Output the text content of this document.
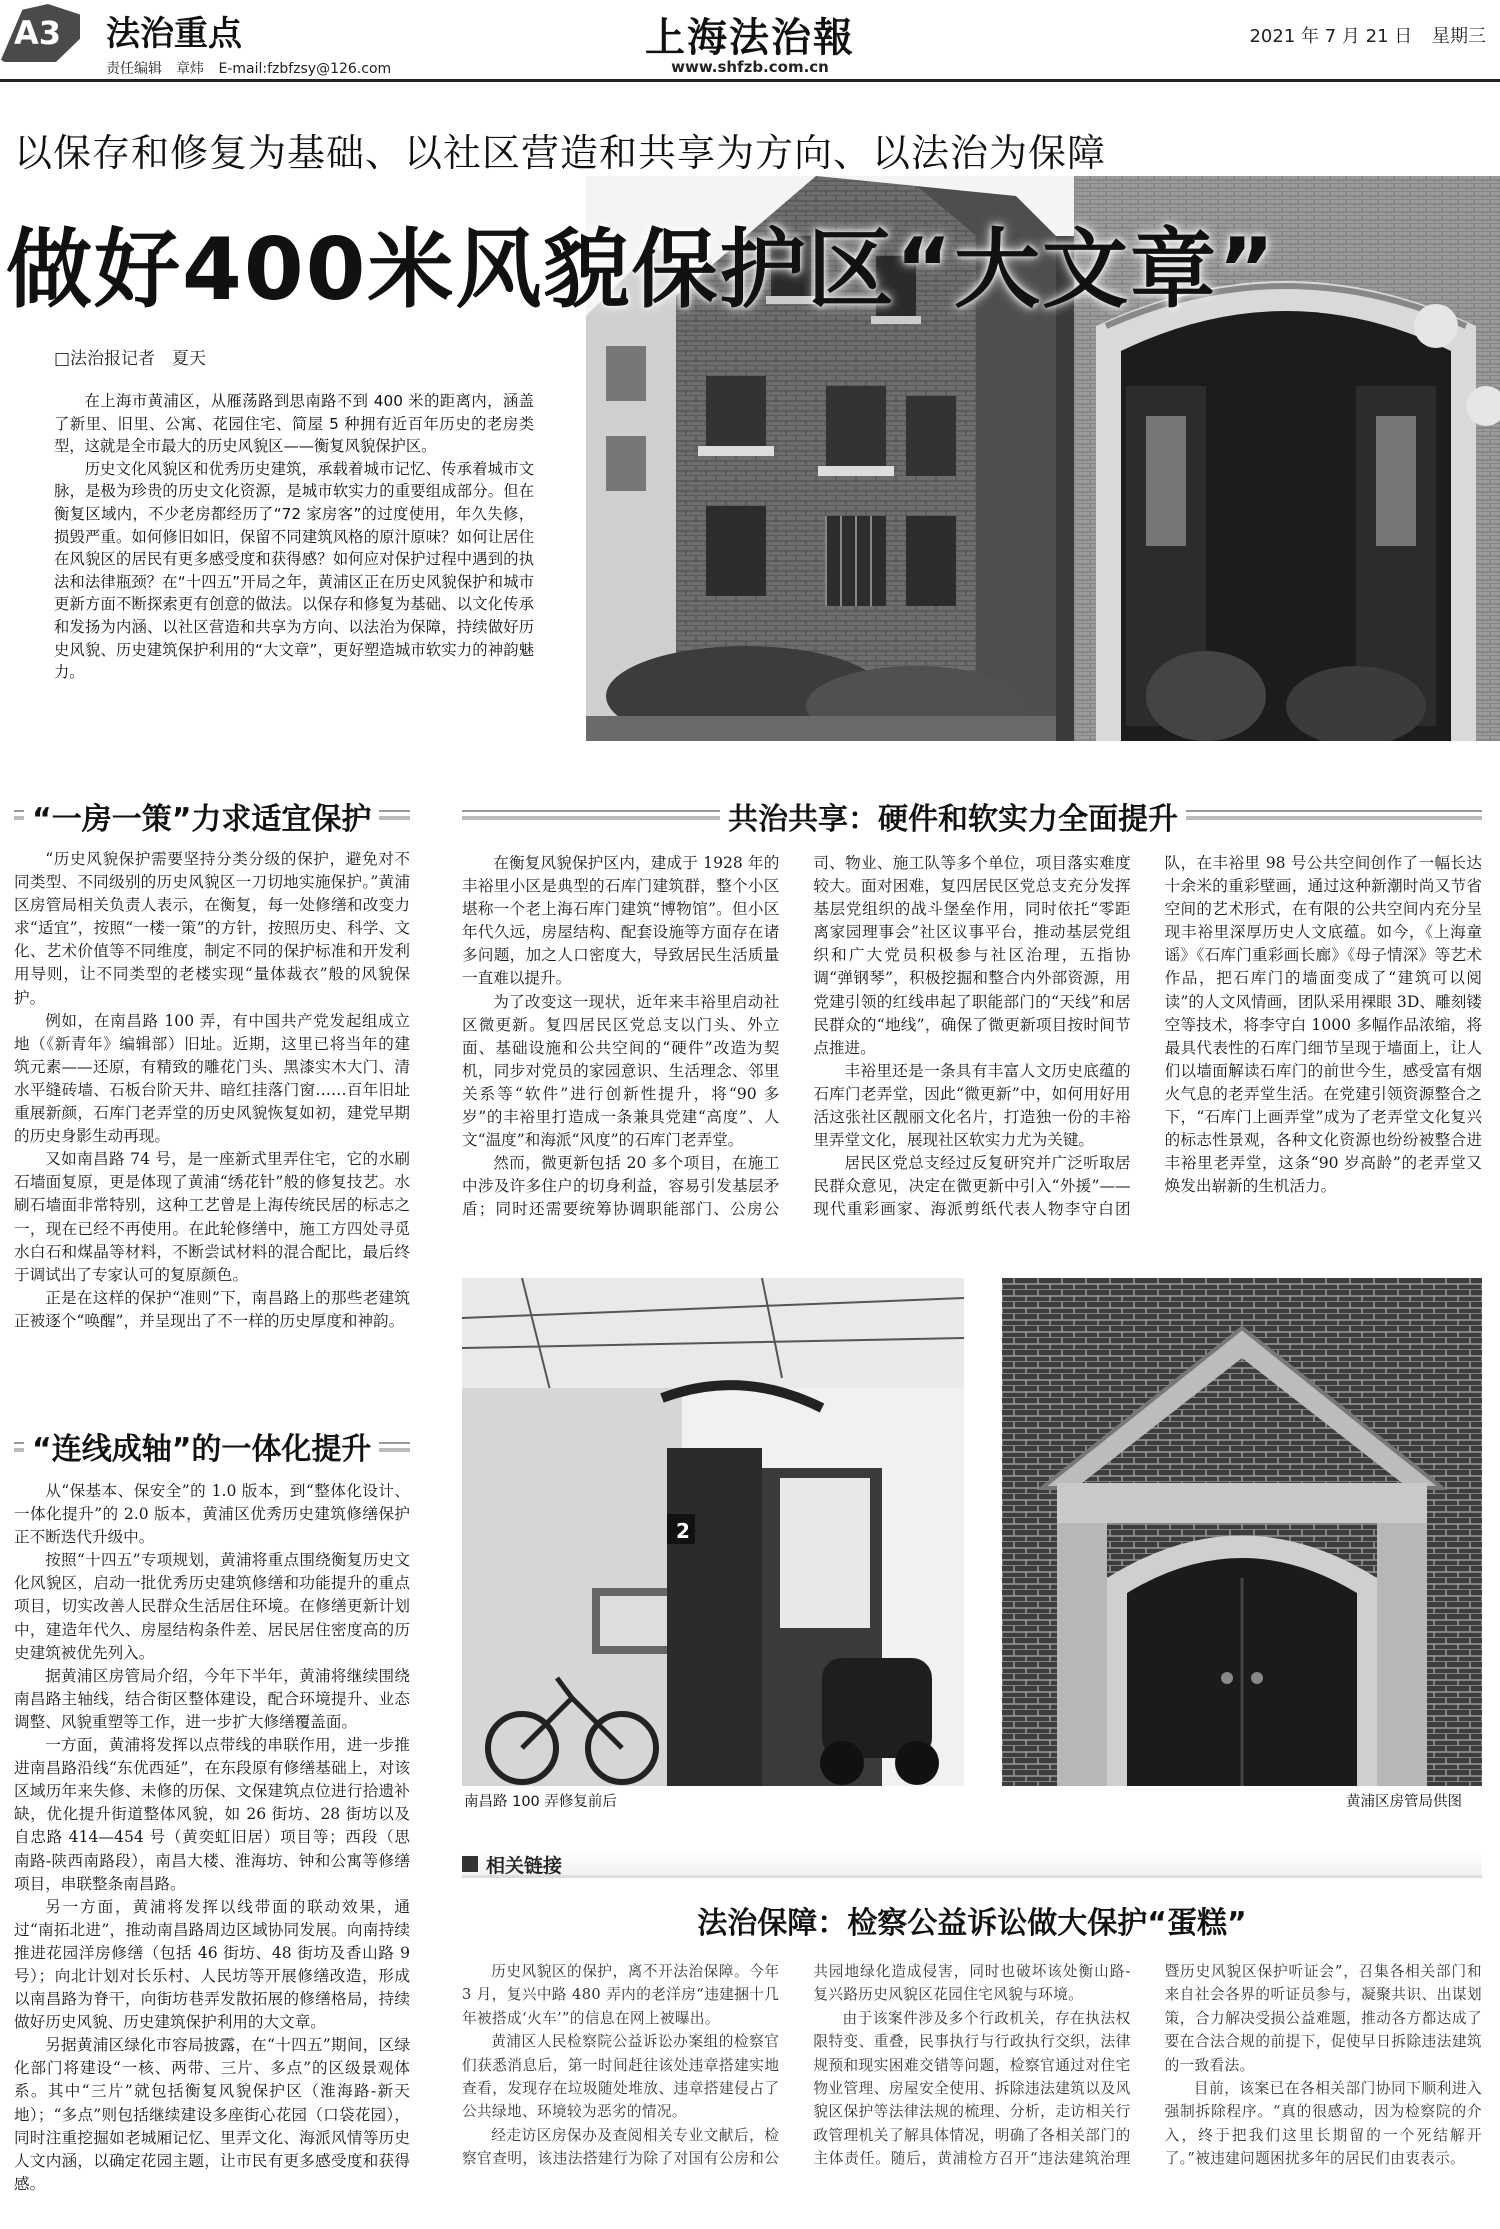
A3 法治重点
责任编辑　章炜 E-mail:fzbfzsy@126.com
上海法治報
www.shfzb.com.cn
2021 年 7 月 21 日 星期三
以保存和修复为基础、以社区营造和共享为方向、以法治为保障
做好400米风貌保护区“大文章”
□法治报记者　夏天

在上海市黄浦区，从雁荡路到思南路不到 400 米的距离内，涵盖了新里、旧里、公寓、花园住宅、简屋 5 种拥有近百年历史的老房类型，这就是全市最大的历史风貌区——衡复风貌保护区。

历史文化风貌区和优秀历史建筑，承载着城市记忆、传承着城市文脉，是极为珍贵的历史文化资源，是城市软实力的重要组成部分。但在衡复区域内，不少老房都经历了“72 家房客”的过度使用，年久失修，损毁严重。如何修旧如旧，保留不同建筑风格的原汁原味？如何让居住在风貌区的居民有更多感受度和获得感？如何应对保护过程中遇到的执法和法律瓶颈？在“十四五”开局之年，黄浦区正在历史风貌保护和城市更新方面不断探索更有创意的做法。以保存和修复为基础、以文化传承和发扬为内涵、以社区营造和共享为方向、以法治为保障，持续做好历史风貌、历史建筑保护利用的“大文章”，更好塑造城市软实力的神韵魅力。

“一房一策”力求适宜保护

“历史风貌保护需要坚持分类分级的保护，避免对不同类型、不同级别的历史风貌区一刀切地实施保护。”黄浦区房管局相关负责人表示，在衡复，每一处修缮和改变力求“适宜”，按照“一楼一策”的方针，按照历史、科学、文化、艺术价值等不同维度，制定不同的保护标准和开发利用导则，让不同类型的老楼实现“量体裁衣”般的风貌保护。

例如，在南昌路 100 弄，有中国共产党发起组成立地（《新青年》编辑部）旧址。近期，这里已将当年的建筑元素——还原，有精致的雕花门头、黑漆实木大门、清水平缝砖墙、石板台阶天井、暗红挂落门窗……百年旧址重展新颜，石库门老弄堂的历史风貌恢复如初，建党早期的历史身影生动再现。

又如南昌路 74 号，是一座新式里弄住宅，它的水刷石墙面复原，更是体现了黄浦“绣花针”般的修复技艺。水刷石墙面非常特别，这种工艺曾是上海传统民居的标志之一，现在已经不再使用。在此轮修缮中，施工方四处寻觅水白石和煤晶等材料，不断尝试材料的混合配比，最后终于调试出了专家认可的复原颜色。

正是在这样的保护“准则”下，南昌路上的那些老建筑正被逐个“唤醒”，并呈现出了不一样的历史厚度和神韵。

“连线成轴”的一体化提升

从“保基本、保安全”的 1.0 版本，到“整体化设计、一体化提升”的 2.0 版本，黄浦区优秀历史建筑修缮保护正不断迭代升级中。

按照“十四五”专项规划，黄浦将重点围绕衡复历史文化风貌区，启动一批优秀历史建筑修缮和功能提升的重点项目，切实改善人民群众生活居住环境。在修缮更新计划中，建造年代久、房屋结构条件差、居民居住密度高的历史建筑被优先列入。

据黄浦区房管局介绍，今年下半年，黄浦将继续围绕南昌路主轴线，结合街区整体建设，配合环境提升、业态调整、风貌重塑等工作，进一步扩大修缮覆盖面。

一方面，黄浦将发挥以点带线的串联作用，进一步推进南昌路沿线“东优西延”，在东段原有修缮基础上，对该区域历年来失修、未修的历保、文保建筑点位进行拾遗补缺，优化提升街道整体风貌，如 26 街坊、28 街坊以及自忠路 414—454 号（黄奕虹旧居）项目等；西段（思南路-陕西南路段），南昌大楼、淮海坊、钟和公寓等修缮项目，串联整条南昌路。

另一方面，黄浦将发挥以线带面的联动效果，通过“南拓北进”，推动南昌路周边区域协同发展。向南持续推进花园洋房修缮（包括 46 街坊、48 街坊及香山路 9 号）；向北计划对长乐村、人民坊等开展修缮改造，形成以南昌路为脊干，向街坊巷弄发散拓展的修缮格局，持续做好历史风貌、历史建筑保护利用的大文章。

另据黄浦区绿化市容局披露，在“十四五”期间，区绿化部门将建设“一核、两带、三片、多点”的区级景观体系。其中“三片”就包括衡复风貌保护区（淮海路-新天地）；“多点”则包括继续建设多座街心花园（口袋花园），同时注重挖掘如老城厢记忆、里弄文化、海派风情等历史人文内涵，以确定花园主题，让市民有更多感受度和获得感。

共治共享：硬件和软实力全面提升

在衡复风貌保护区内，建成于 1928 年的丰裕里小区是典型的石库门建筑群，整个小区堪称一个老上海石库门建筑“博物馆”。但小区年代久远，房屋结构、配套设施等方面存在诸多问题，加之人口密度大，导致居民生活质量一直难以提升。

为了改变这一现状，近年来丰裕里启动社区微更新。复四居民区党总支以门头、外立面、基础设施和公共空间的“硬件”改造为契机，同步对党员的家园意识、生活理念、邻里关系等“软件”进行创新性提升，将“90 多岁”的丰裕里打造成一条兼具党建“高度”、人文“温度”和海派“风度”的石库门老弄堂。

然而，微更新包括 20 多个项目，在施工中涉及许多住户的切身利益，容易引发基层矛盾；同时还需要统筹协调职能部门、公房公司、物业、施工队等多个单位，项目落实难度较大。面对困难，复四居民区党总支充分发挥基层党组织的战斗堡垒作用，同时依托“零距离家园理事会”社区议事平台，推动基层党组织和广大党员积极参与社区治理，五指协调“弹钢琴”，积极挖掘和整合内外部资源，用党建引领的红线串起了职能部门的“天线”和居民群众的“地线”，确保了微更新项目按时间节点推进。

丰裕里还是一条具有丰富人文历史底蕴的石库门老弄堂，因此“微更新”中，如何用好用活这张社区靓丽文化名片，打造独一份的丰裕里弄堂文化，展现社区软实力尤为关键。

居民区党总支经过反复研究并广泛听取居民群众意见，决定在微更新中引入“外援”——现代重彩画家、海派剪纸代表人物李守白团队，在丰裕里 98 号公共空间创作了一幅长达十余米的重彩壁画，通过这种新潮时尚又节省空间的艺术形式，在有限的公共空间内充分呈现丰裕里深厚历史人文底蕴。如今，《上海童谣》《石库门重彩画长廊》《母子情深》等艺术作品，把石库门的墙面变成了“建筑可以阅读”的人文风情画，团队采用裸眼 3D、雕刻镂空等技术，将李守白 1000 多幅作品浓缩，将最具代表性的石库门细节呈现于墙面上，让人们以墙面解读石库门的前世今生，感受富有烟火气息的老弄堂生活。在党建引领资源整合之下，“石库门上画弄堂”成为了老弄堂文化复兴的标志性景观，各种文化资源也纷纷被整合进丰裕里老弄堂，这条“90 岁高龄”的老弄堂又焕发出崭新的生机活力。

2
南昌路 100 弄修复前后	黄浦区房管局供图
相关链接
法治保障：检察公益诉讼做大保护“蛋糕”

历史风貌区的保护，离不开法治保障。今年 3 月，复兴中路 480 弄内的老洋房“违建捆十几年被搭成‘火车’”的信息在网上被曝出。

黄浦区人民检察院公益诉讼办案组的检察官们获悉消息后，第一时间赶往该处违章搭建实地查看，发现存在垃圾随处堆放、违章搭建侵占了公共绿地、环境较为恶劣的情况。

经走访区房保办及查阅相关专业文献后，检察官查明，该违法搭建行为除了对国有公房和公共园地绿化造成侵害，同时也破坏该处衡山路-复兴路历史风貌区花园住宅风貌与环境。

由于该案件涉及多个行政机关，存在执法权限特变、重叠，民事执行与行政执行交织，法律规预和现实困难交错等问题，检察官通过对住宅物业管理、房屋安全使用、拆除违法建筑以及风貌区保护等法律法规的梳理、分析，走访相关行政管理机关了解具体情况，明确了各相关部门的主体责任。随后，黄浦检方召开“违法建筑治理暨历史风貌区保护听证会”，召集各相关部门和来自社会各界的听证员参与，凝聚共识、出谋划策，合力解决受损公益难题，推动各方都达成了要在合法合规的前提下，促使早日拆除违法建筑的一致看法。

目前，该案已在各相关部门协同下顺利进入强制拆除程序。“真的很感动，因为检察院的介入，终于把我们这里长期留的一个死结解开了。”被违建问题困扰多年的居民们由衷表示。
